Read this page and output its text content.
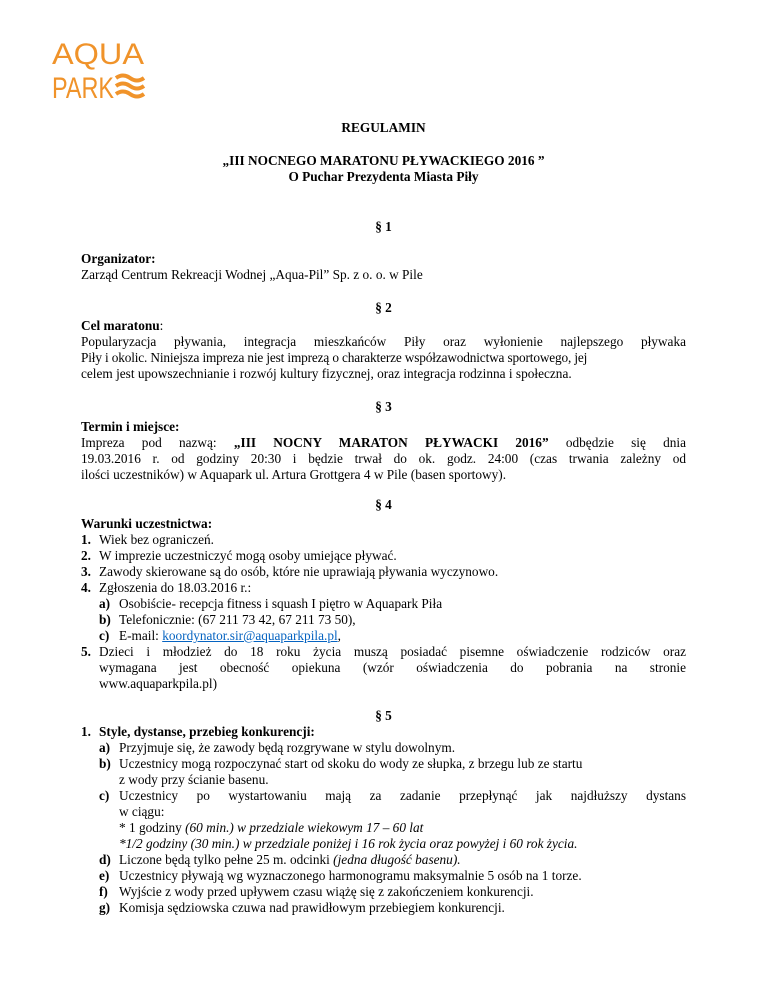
AQUA
PARK
REGULAMIN
„III NOCNEGO MARATONU PŁYWACKIEGO 2016 ”
O Puchar Prezydenta Miasta Piły
§ 1
Organizator:
Zarząd Centrum Rekreacji Wodnej „Aqua-Pil” Sp. z o. o. w Pile
§ 2
Cel maratonu:
Popularyzacja pływania, integracja mieszkańców Piły oraz wyłonienie najlepszego pływaka
Piły i okolic. Niniejsza impreza nie jest imprezą o charakterze współzawodnictwa sportowego, jej
celem jest upowszechnianie i rozwój kultury fizycznej, oraz integracja rodzinna i społeczna.
§ 3
Termin i miejsce:
Impreza pod nazwą: „III NOCNY MARATON PŁYWACKI 2016” odbędzie się dnia
19.03.2016 r. od godziny 20:30 i będzie trwał do ok. godz. 24:00 (czas trwania zależny od
ilości uczestników) w Aquapark ul. Artura Grottgera 4 w Pile (basen sportowy).
§ 4
Warunki uczestnictwa:
1. Wiek bez ograniczeń.
2. W imprezie uczestniczyć mogą osoby umiejące pływać.
3. Zawody skierowane są do osób, które nie uprawiają pływania wyczynowo.
4. Zgłoszenia do 18.03.2016 r.:
a) Osobiście- recepcja fitness i squash I piętro w Aquapark Piła
b) Telefonicznie: (67 211 73 42, 67 211 73 50),
c) E-mail: koordynator.sir@aquaparkpila.pl,
5. Dzieci i młodzież do 18 roku życia muszą posiadać pisemne oświadczenie rodziców oraz
wymagana jest obecność opiekuna (wzór oświadczenia do pobrania na stronie
www.aquaparkpila.pl)
§ 5
1. Style, dystanse, przebieg konkurencji:
a) Przyjmuje się, że zawody będą rozgrywane w stylu dowolnym.
b) Uczestnicy mogą rozpoczynać start od skoku do wody ze słupka, z brzegu lub ze startu
z wody przy ścianie basenu.
c) Uczestnicy po wystartowaniu mają za zadanie przepłynąć jak najdłuższy dystans
w ciągu:
* 1 godziny (60 min.) w przedziale wiekowym 17 – 60 lat
*1/2 godziny (30 min.) w przedziale poniżej i 16 rok życia oraz powyżej i 60 rok życia.
d) Liczone będą tylko pełne 25 m. odcinki (jedna długość basenu).
e) Uczestnicy pływają wg wyznaczonego harmonogramu maksymalnie 5 osób na 1 torze.
f) Wyjście z wody przed upływem czasu wiążę się z zakończeniem konkurencji.
g) Komisja sędziowska czuwa nad prawidłowym przebiegiem konkurencji.
